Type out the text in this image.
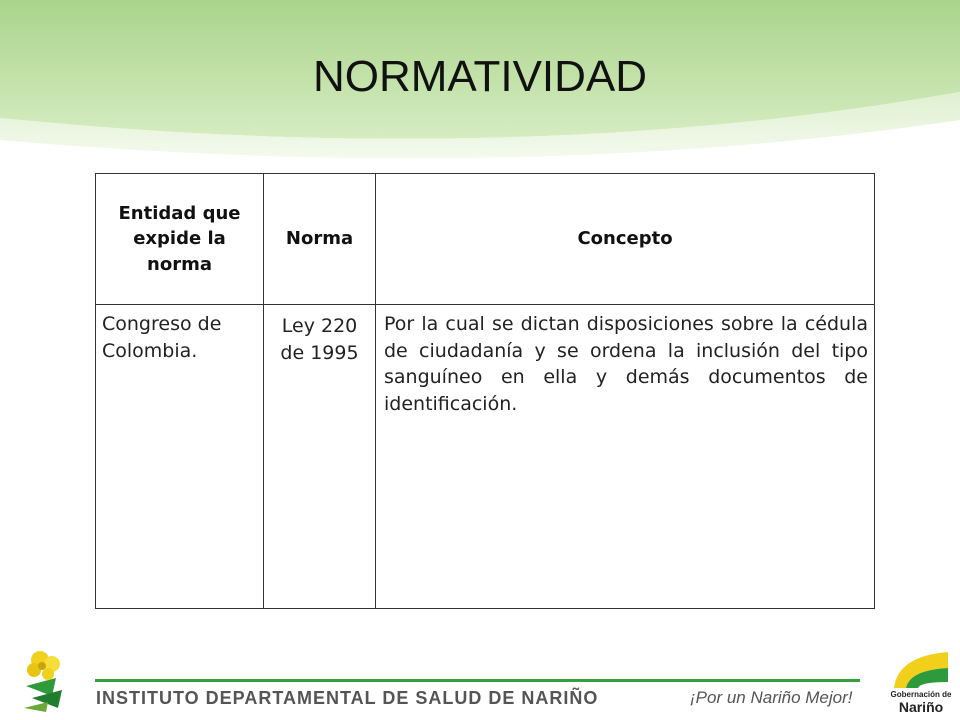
NORMATIVIDAD
Entidad que expide la norma	Norma	Concepto
Congreso de Colombia.	Ley 220 de 1995	Por la cual se dictan disposiciones sobre la cédula de ciudadanía y se ordena la inclusión del tipo sanguíneo en ella y demás documentos de identificación.
INSTITUTO DEPARTAMENTAL DE SALUD DE NARIÑO	¡Por un Nariño Mejor!	Gobernación de
Nariño
